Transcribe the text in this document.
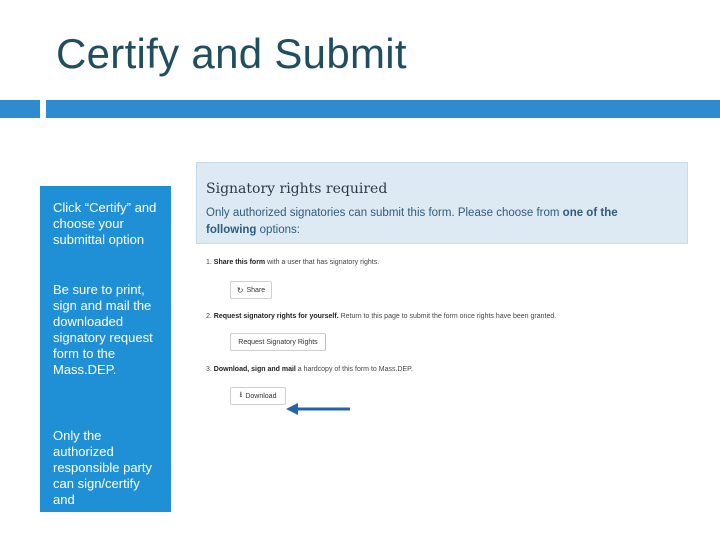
Certify and Submit

Click “Certify” and choose your submittal option

Be sure to print, sign and mail the downloaded signatory request form to the Mass.DEP.

Only the authorized responsible party can sign/certify and

Signatory rights required
Only authorized signatories can submit this form. Please choose from one of the following options:
1. Share this form with a user that has signatory rights.
↻ Share
2. Request signatory rights for yourself. Return to this page to submit the form once rights have been granted.
Request Signatory Rights
3. Download, sign and mail a hardcopy of this form to Mass.DEP.
⭳ Download
